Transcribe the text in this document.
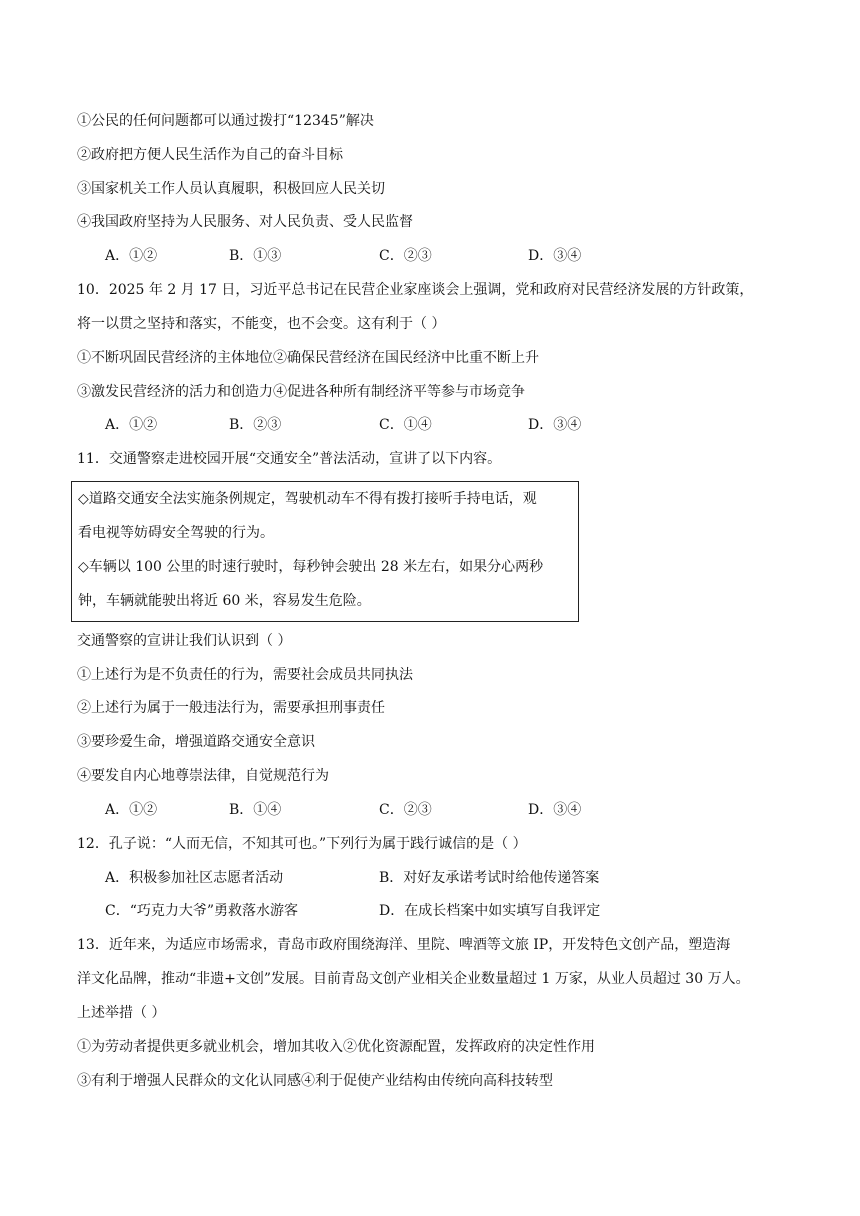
①公民的任何问题都可以通过拨打“12345”解决
②政府把方便人民生活作为自己的奋斗目标
③国家机关工作人员认真履职，积极回应人民关切
④我国政府坚持为人民服务、对人民负责、受人民监督
A．①②	B．①③	C．②③	D．③④
10．2025 年 2 月 17 日，习近平总书记在民营企业家座谈会上强调，党和政府对民营经济发展的方针政策，
将一以贯之坚持和落实，不能变，也不会变。这有利于（ ）
①不断巩固民营经济的主体地位②确保民营经济在国民经济中比重不断上升
③激发民营经济的活力和创造力④促进各种所有制经济平等参与市场竞争
A．①②	B．②③	C．①④	D．③④
11．交通警察走进校园开展“交通安全”普法活动，宣讲了以下内容。
◇道路交通安全法实施条例规定，驾驶机动车不得有拨打接听手持电话，观
看电视等妨碍安全驾驶的行为。
◇车辆以 100 公里的时速行驶时，每秒钟会驶出 28 米左右，如果分心两秒
钟，车辆就能驶出将近 60 米，容易发生危险。
交通警察的宣讲让我们认识到（ ）
①上述行为是不负责任的行为，需要社会成员共同执法
②上述行为属于一般违法行为，需要承担刑事责任
③要珍爱生命，增强道路交通安全意识
④要发自内心地尊崇法律，自觉规范行为
A．①②	B．①④	C．②③	D．③④
12．孔子说：“人而无信，不知其可也。”下列行为属于践行诚信的是（ ）
A．积极参加社区志愿者活动	B．对好友承诺考试时给他传递答案
C．“巧克力大爷”勇救落水游客	D．在成长档案中如实填写自我评定
13．近年来，为适应市场需求，青岛市政府围绕海洋、里院、啤酒等文旅 IP，开发特色文创产品，塑造海
洋文化品牌，推动“非遗+文创”发展。目前青岛文创产业相关企业数量超过 1 万家，从业人员超过 30 万人。
上述举措（ ）
①为劳动者提供更多就业机会，增加其收入②优化资源配置，发挥政府的决定性作用
③有利于增强人民群众的文化认同感④利于促使产业结构由传统向高科技转型
